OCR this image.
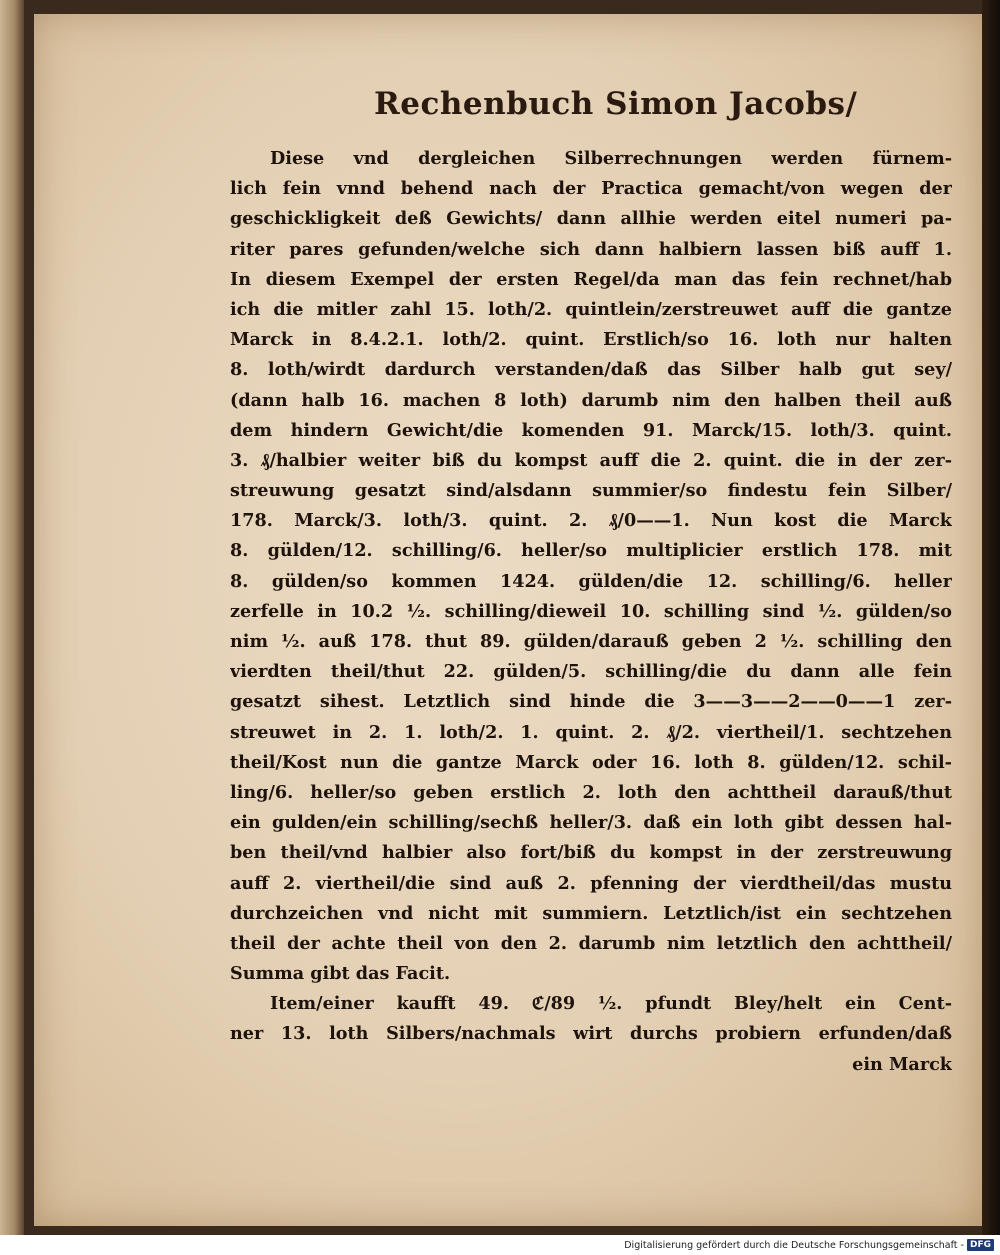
Rechenbuch Simon Jacobs/
Diese vnd dergleichen Silberrechnungen werden fürnem-
lich fein vnnd behend nach der Practica gemacht/von wegen der
geschickligkeit deß Gewichts/ dann allhie werden eitel numeri pa-
riter pares gefunden/welche sich dann halbiern lassen biß auff 1.
In diesem Exempel der ersten Regel/da man das fein rechnet/hab
ich die mitler zahl 15. loth/2. quintlein/zerstreuwet auff die gantze
Marck in 8.4.2.1. loth/2. quint. Erstlich/so 16. loth nur halten
8. loth/wirdt dardurch verstanden/daß das Silber halb gut sey/
(dann halb 16. machen 8 loth) darumb nim den halben theil auß
dem hindern Gewicht/die komenden 91. Marck/15. loth/3. quint.
3. ₰/halbier weiter biß du kompst auff die 2. quint. die in der zer-
streuwung gesatzt sind/alsdann summier/so findestu fein Silber/
178. Marck/3. loth/3. quint. 2. ₰/0——1. Nun kost die Marck
8. gülden/12. schilling/6. heller/so multiplicier erstlich 178. mit
8. gülden/so kommen 1424. gülden/die 12. schilling/6. heller
zerfelle in 10.2 ½. schilling/dieweil 10. schilling sind ½. gülden/so
nim ½. auß 178. thut 89. gülden/darauß geben 2 ½. schilling den
vierdten theil/thut 22. gülden/5. schilling/die du dann alle fein
gesatzt sihest. Letztlich sind hinde die 3——3——2——0——1 zer-
streuwet in 2. 1. loth/2. 1. quint. 2. ₰/2. viertheil/1. sechtzehen
theil/Kost nun die gantze Marck oder 16. loth 8. gülden/12. schil-
ling/6. heller/so geben erstlich 2. loth den achttheil darauß/thut
ein gulden/ein schilling/sechß heller/3. daß ein loth gibt dessen hal-
ben theil/vnd halbier also fort/biß du kompst in der zerstreuwung
auff 2. viertheil/die sind auß 2. pfenning der vierdtheil/das mustu
durchzeichen vnd nicht mit summiern. Letztlich/ist ein sechtzehen
theil der achte theil von den 2. darumb nim letztlich den achttheil/
Summa gibt das Facit.
Item/einer kaufft 49. ℭ/89 ½. pfundt Bley/helt ein Cent-
ner 13. loth Silbers/nachmals wirt durchs probiern erfunden/daß
ein Marck
Digitalisierung gefördert durch die Deutsche Forschungsgemeinschaft - DFG
